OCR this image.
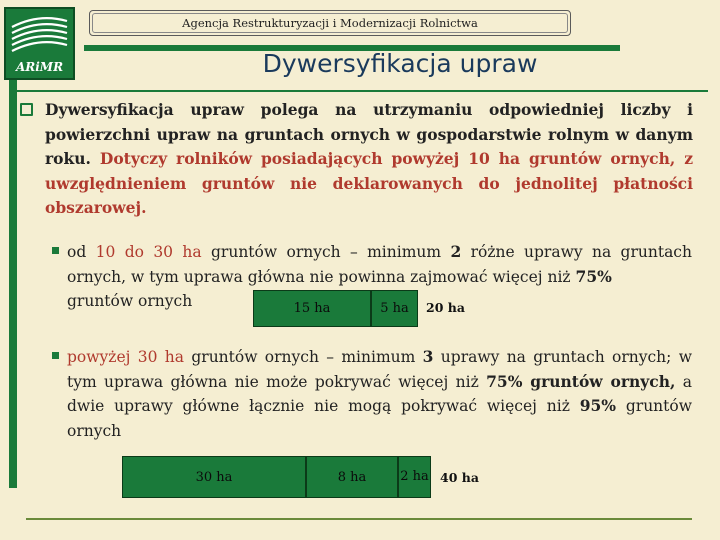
ARiMR
Agencja Restrukturyzacji i Modernizacji Rolnictwa
Dywersyfikacja upraw
Dywersyfikacja upraw polega na utrzymaniu odpowiedniej liczby i powierzchni upraw na gruntach ornych w gospodarstwie rolnym w danym roku. Dotyczy rolników posiadających powyżej 10 ha gruntów ornych, z uwzględnieniem gruntów nie deklarowanych do jednolitej płatności obszarowej.
od 10 do 30 ha gruntów ornych – minimum 2 różne uprawy na gruntach ornych, w tym uprawa główna nie powinna zajmować więcej niż 75%
gruntów ornych	15 ha	5 ha	20 ha
powyżej 30 ha gruntów ornych – minimum 3 uprawy na gruntach ornych; w tym uprawa główna nie może pokrywać więcej niż 75% gruntów ornych, a dwie uprawy główne łącznie nie mogą pokrywać więcej niż 95% gruntów ornych
30 ha	8 ha	2 ha 40 ha
